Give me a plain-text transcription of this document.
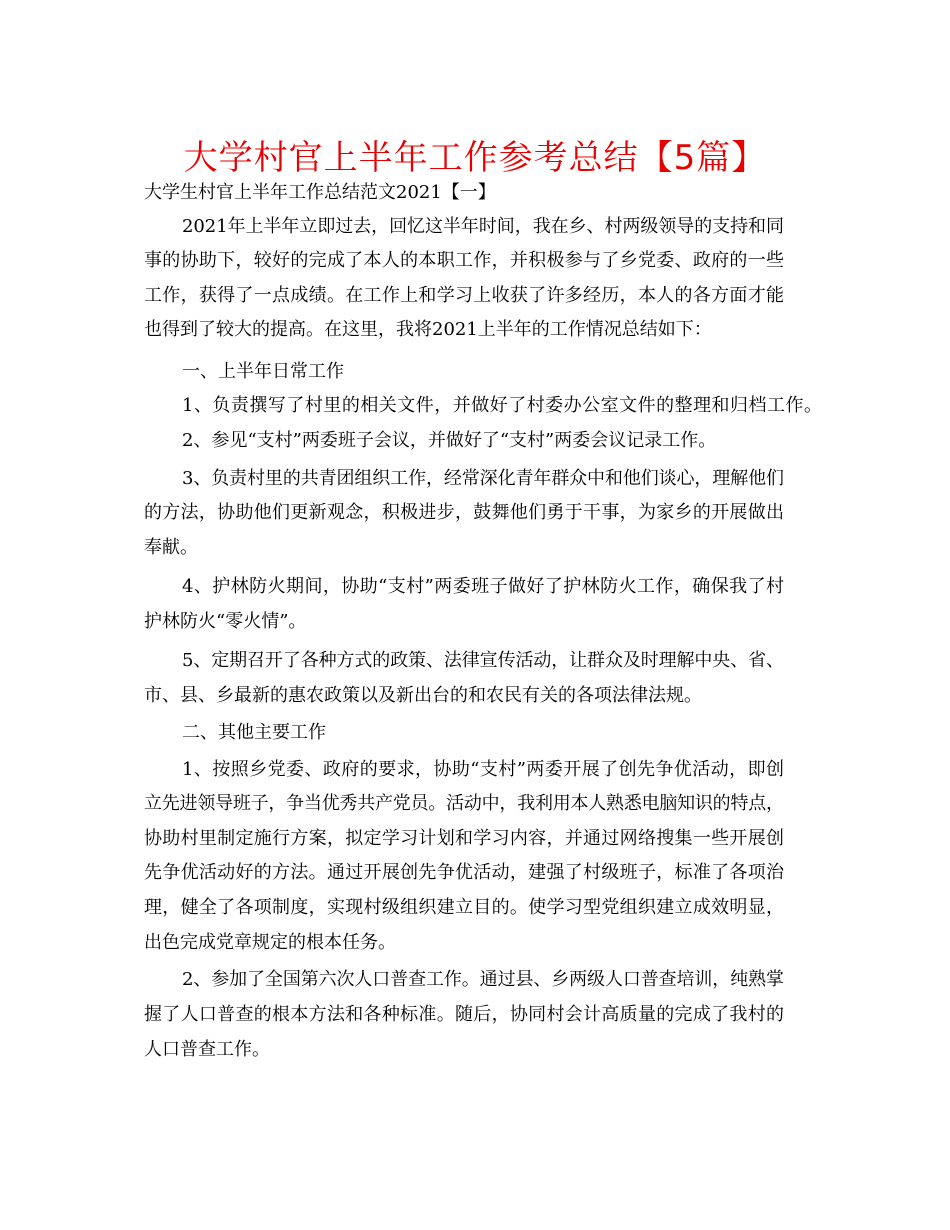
大学村官上半年工作参考总结【5篇】
大学生村官上半年工作总结范文2021【一】
2021年上半年立即过去，回忆这半年时间，我在乡、村两级领导的支持和同
事的协助下，较好的完成了本人的本职工作，并积极参与了乡党委、政府的一些
工作，获得了一点成绩。在工作上和学习上收获了许多经历，本人的各方面才能
也得到了较大的提高。在这里，我将2021上半年的工作情况总结如下：
一、上半年日常工作
1、负责撰写了村里的相关文件，并做好了村委办公室文件的整理和归档工作。
2、参见“支村”两委班子会议，并做好了“支村”两委会议记录工作。
3、负责村里的共青团组织工作，经常深化青年群众中和他们谈心，理解他们
的方法，协助他们更新观念，积极进步，鼓舞他们勇于干事，为家乡的开展做出
奉献。
4、护林防火期间，协助“支村”两委班子做好了护林防火工作，确保我了村
护林防火“零火情”。
5、定期召开了各种方式的政策、法律宣传活动，让群众及时理解中央、省、
市、县、乡最新的惠农政策以及新出台的和农民有关的各项法律法规。
二、其他主要工作
1、按照乡党委、政府的要求，协助“支村”两委开展了创先争优活动，即创
立先进领导班子，争当优秀共产党员。活动中，我利用本人熟悉电脑知识的特点，
协助村里制定施行方案，拟定学习计划和学习内容，并通过网络搜集一些开展创
先争优活动好的方法。通过开展创先争优活动，建强了村级班子，标准了各项治
理，健全了各项制度，实现村级组织建立目的。使学习型党组织建立成效明显，
出色完成党章规定的根本任务。
2、参加了全国第六次人口普查工作。通过县、乡两级人口普查培训，纯熟掌
握了人口普查的根本方法和各种标准。随后，协同村会计高质量的完成了我村的
人口普查工作。
